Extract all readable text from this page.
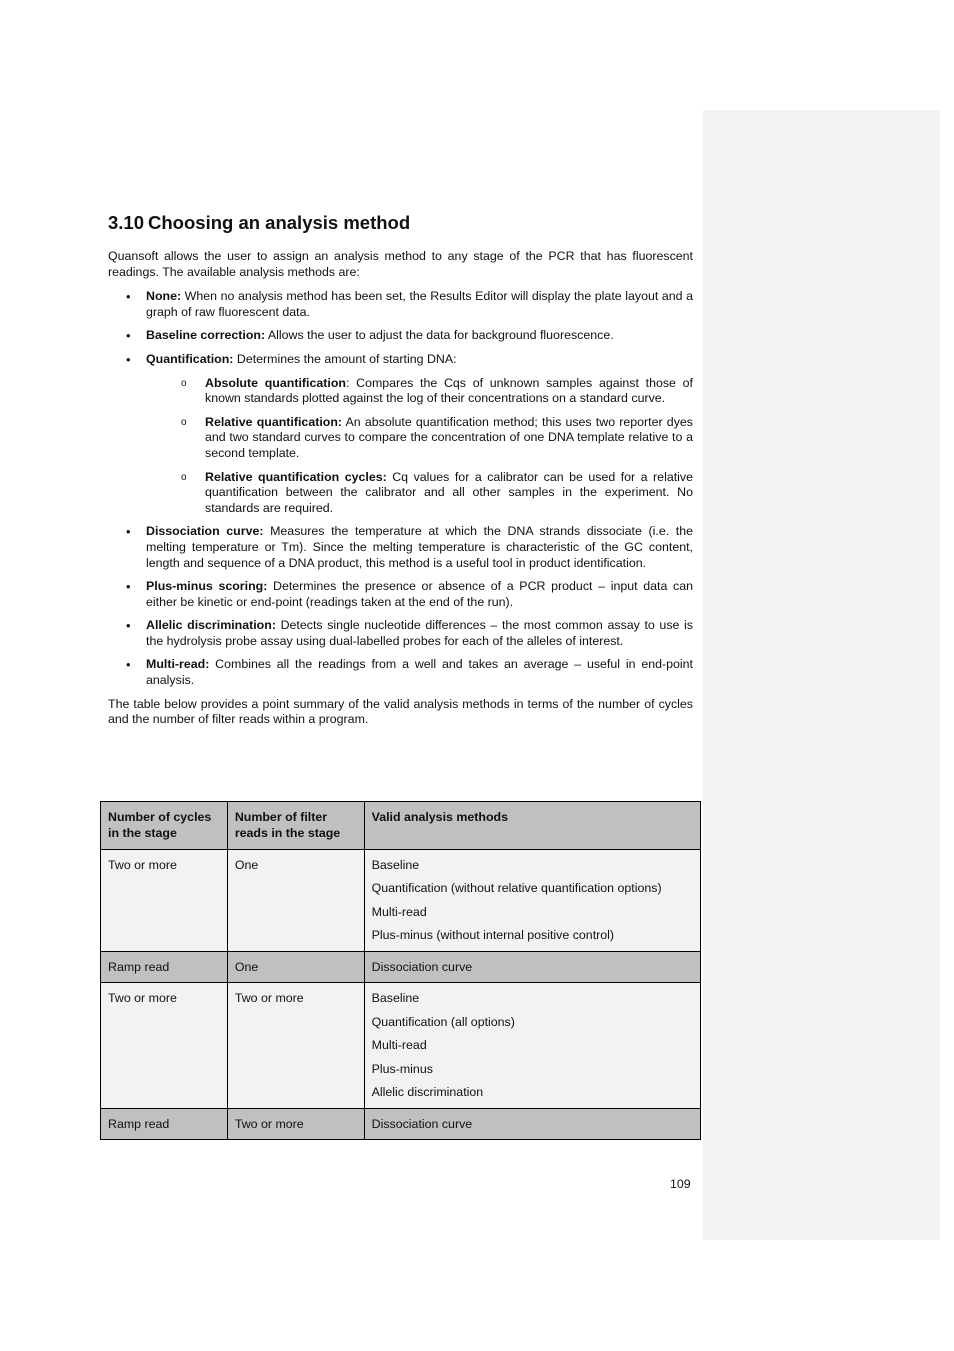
3.10 Choosing an analysis method

Quansoft allows the user to assign an analysis method to any stage of the PCR that has fluorescent readings. The available analysis methods are:

• None: When no analysis method has been set, the Results Editor will display the plate layout and a graph of raw fluorescent data.
• Baseline correction: Allows the user to adjust the data for background fluorescence.
• Quantification: Determines the amount of starting DNA:
o Absolute quantification: Compares the Cqs of unknown samples against those of known standards plotted against the log of their concentrations on a standard curve.
o Relative quantification: An absolute quantification method; this uses two reporter dyes and two standard curves to compare the concentration of one DNA template relative to a second template.
o Relative quantification cycles: Cq values for a calibrator can be used for a relative quantification between the calibrator and all other samples in the experiment. No standards are required.
• Dissociation curve: Measures the temperature at which the DNA strands dissociate (i.e. the melting temperature or Tm). Since the melting temperature is characteristic of the GC content, length and sequence of a DNA product, this method is a useful tool in product identification.
• Plus-minus scoring: Determines the presence or absence of a PCR product – input data can either be kinetic or end-point (readings taken at the end of the run).
• Allelic discrimination: Detects single nucleotide differences – the most common assay to use is the hydrolysis probe assay using dual-labelled probes for each of the alleles of interest.
• Multi-read: Combines all the readings from a well and takes an average – useful in end-point analysis.

The table below provides a point summary of the valid analysis methods in terms of the number of cycles and the number of filter reads within a program.

Number of cycles in the stage	Number of filter reads in the stage	Valid analysis methods
Two or more	One	Baseline
Quantification (without relative quantification options)
Multi-read
Plus-minus (without internal positive control)

Ramp read	One	Dissociation curve

Two or more	Two or more	Baseline
Quantification (all options)
Multi-read
Plus-minus
Allelic discrimination

Ramp read	Two or more	Dissociation curve
109
